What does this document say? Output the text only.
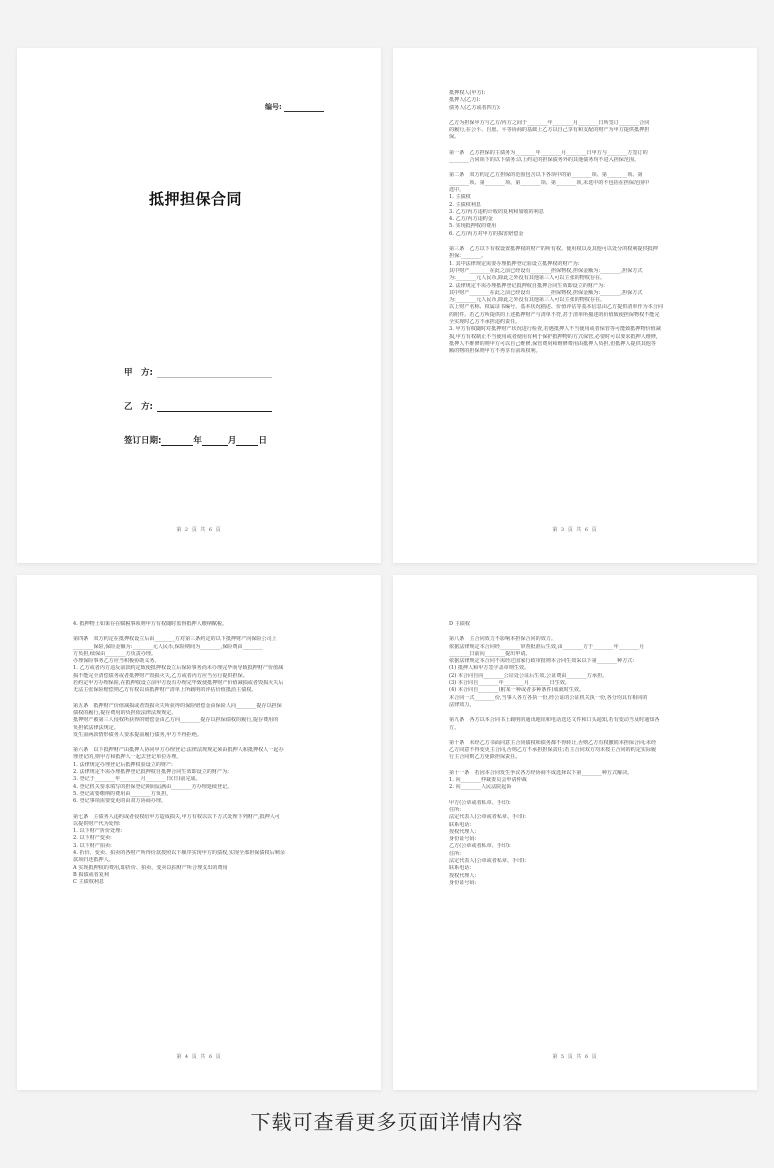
编号:
抵押担保合同
甲　方:
乙　方:
签订日期:	年	月	日
第 2 页 共 6 页
抵押权人(甲方):
抵押人(乙方):
债务人(乙方或者四方):
乙方为担保甲方与乙方/丙方之间于________年________月________日所签订________合同
的履行,在公平、自愿、平等协商的基础上乙方以自己享有和支配的财产为甲方提供抵押担
保。
第一条　乙方担保的主债务为________年________月________日甲方与________方签订的
________合同项下的以下债务:以上约定的担保债务外的其他债务均不进入担保范围。
第二条　双方约定乙方担保的范围包含以下各项中的第________项、第________项、第
________项、第________项、第________项、第________项,未选中的不包括在担保范围中
选中。
1. 主债权
2. 主债权利息
3. 乙方/丙方违约计收的复利和加收的利息
4. 乙方/丙方违约金
5. 实现抵押权的费用
6. 乙方/丙方对甲方的损害赔偿金
第三条　乙方以下有权设置抵押权的财产的所有权、使用权以及其他可以处分的权利提供抵押
担保:________。
1. 其中法律规定需要办理抵押登记验设立抵押权的财产为:
其中财产________在此之前已经设有________担保物权,担保金额为:________,担保方式
为:________元人民币,除此之外没有其他第三人可以主张的物权存在。
2. 法律规定不需办理抵押登记抵押权自抵押合同生效即设立的财产为:
其中财产________在此之前已经设有________担保物权,担保金额为:________,担保方式
为:________元人民币,除此之外没有其他第三人可以主张的物权存在。
以上财产名称、权属证书编号、基本状况描述、价值评估等基本信息由乙方提供清单作为本合同
的附件。若乙方所提供的上述抵押财产与清单不符,甚于清单所描述的价值致使担保物权不能完
全实现时乙方不承担违约责任。
3. 甲方有权随时对抵押财产状况进行检查,若遇抵押人不当使用或者保管等可能致抵押物价值减
损,甲方有权制止不当使用或者使用有利于保护抵押物的方式保管,必要时可以要求抵押人维修,
抵押人不维修的则甲方可以自己维修,保管费用和维修费用由抵押人负担,但抵押人提供其他等
额的物的担保则甲方不再享有前项权利。
第 3 页 共 6 页
4. 抵押物上如果存在赋税事项则甲方有权随时监督抵押人缴纳赋税。
第四条　双方约定在抵押权设立后由________方对第三条约定的以下抵押财产向保险公司上
________保险,保险金额为:________元人民币,保险期间为________,保险费由________
方负担,续保由________方负责办理。
办理保险事务乙方应当积极协助义务。
1. 乙方或者丙方违反前款约定致使抵押权设立后保险事务尚未办理完毕而导致抵押财产价值减
损不能完全清偿债务或者抵押财产毁损灭失,乙方或者丙方应当另行提供担保。
若约定甲方办理保险,在抵押权设立前甲方没有办理完毕致使抵押财产价值减损或者毁损灭失后
无法主张保险赔偿则乙方有权以该抵押财产清单上所载明的评估价值抵消主债权。
第五条　抵押财产价值减损或者毁损灭失所获得的保险赔偿金由保险人向________提存以担保
债权的履行,提存费用的负担依法律法规规定。
抵押财产被第三人侵权所获得的赔偿金由乙方向________提存以担保债权的履行,提存费用的
负担依法律法规定。
发生前两款情形债务人要求提前履行债务,甲方不得拒绝。
第六条　以下抵押财产由抵押人协同甲方办理登记:法律法规规定须由抵押人和抵押权人一起办
理登记的,则甲方和抵押人一起去登记单位办理。
1. 法律规定办理登记后抵押权验设立的财产:
2. 法律规定不需办理抵押登记抵押权自抵押合同生效即设立的财产为:
3. 登记于________年________月________日(日)前完成。
4. 登记机关要求填写的担保登记期间届满由________方办理延续登记。
5. 登记需要缴纳的费用由________方负担。
6. 登记事项需要变更的由双方协商办理。
第七条　主债务人违约或者侵权给甲方造成损失,甲方有权以以下方式处理下列财产,抵押人可
以提供财产代为处理:
1. 以下财产折价处理:
2. 以下财产变卖:
3. 以下财产拍卖:
4. 折价、变卖、拍卖的各财产所得价款按照以下顺序实现甲方的债权,实现全部担保债权后剩余
款项归还抵押人。
A 实现抵押权的费用,即折价、拍卖、变卖以拍财产所合理支出的费用
B 损债或者复利
C 主债权利息
第 4 页 共 6 页
D 主债权
第八条　主合同效力不影响本担保合同的效力。
依据法律规定本合同经________审查批准后生效,由________方于________年________月
________日前向________提出申请。
依据法律规定本合同不需经过国家行政审批则本合同生效采以下第________种方式:
(1) 抵押人和甲方签字盖章则生效。
(2) 本合同自向________公证处公证后生效,公证费由________方承担。
(3) 本合同自________年________月________日生效。
(4) 本合同自________(附某一种或者多种条件)成就时生效。
本合同一式________份,当事人各方各执一份,经公证的公证机关执一份,各分均具有相同的
法律效力。
第九条　各方以本合同书上载明的通讯地址和电话送达文件和口头通知,若有变动当及时通知各
方。
第十条　未经乙方书面同意主合同债权和债务都不得转让,否则乙方有权撤销本担保合同;未经
乙方同意不得变更主合同,否则乙方不承担担保责任;若主合同双方均未按主合同的约定实际履
行主合同则乙方免除担保责任。
第十一条　若因本合同发生争议各方经协商不成选择以下第________种方式解决。
1. 向________仲裁委员会申请仲裁
2. 向________人民法院起诉
甲方(公章或者私章、手印):
住所:
法定代表人(公章或者私章、手印):
联系电话:
授权代理人:
身份证号码:
乙方(公章或者私章、手印):
住所:
法定代表人(公章或者私章、手印):
联系电话:
授权代理人:
身份证号码:
第 5 页 共 6 页
下载可查看更多页面详情内容
